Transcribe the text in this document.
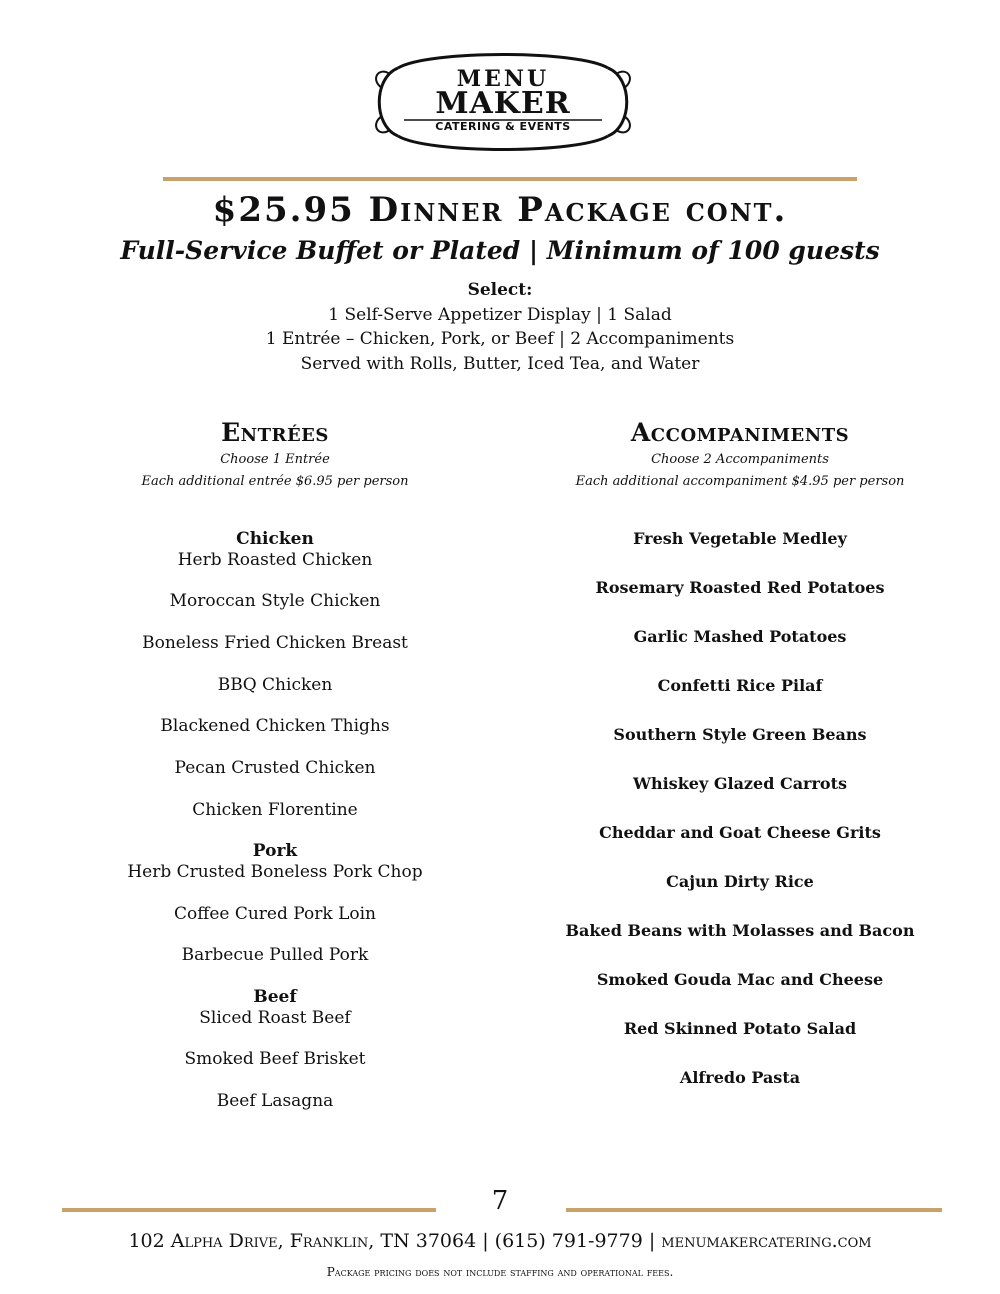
MENU
MAKER
CATERING & EVENTS
$25.95 Dinner Package cont.
Full-Service Buffet or Plated | Minimum of 100 guests
Select:
1 Self-Serve Appetizer Display | 1 Salad
1 Entrée – Chicken, Pork, or Beef | 2 Accompaniments
Served with Rolls, Butter, Iced Tea, and Water
Entrées
Choose 1 Entrée
Each additional entrée $6.95 per person
Chicken
Herb Roasted Chicken
Moroccan Style Chicken
Boneless Fried Chicken Breast
BBQ Chicken
Blackened Chicken Thighs
Pecan Crusted Chicken
Chicken Florentine
Pork
Herb Crusted Boneless Pork Chop
Coffee Cured Pork Loin
Barbecue Pulled Pork
Beef
Sliced Roast Beef
Smoked Beef Brisket
Beef Lasagna
Accompaniments
Choose 2 Accompaniments
Each additional accompaniment $4.95 per person
Fresh Vegetable Medley
Rosemary Roasted Red Potatoes
Garlic Mashed Potatoes
Confetti Rice Pilaf
Southern Style Green Beans
Whiskey Glazed Carrots
Cheddar and Goat Cheese Grits
Cajun Dirty Rice
Baked Beans with Molasses and Bacon
Smoked Gouda Mac and Cheese
Red Skinned Potato Salad
Alfredo Pasta
7
102 Alpha Drive, Franklin, TN 37064 | (615) 791-9779 | menumakercatering.com
Package pricing does not include staffing and operational fees.
